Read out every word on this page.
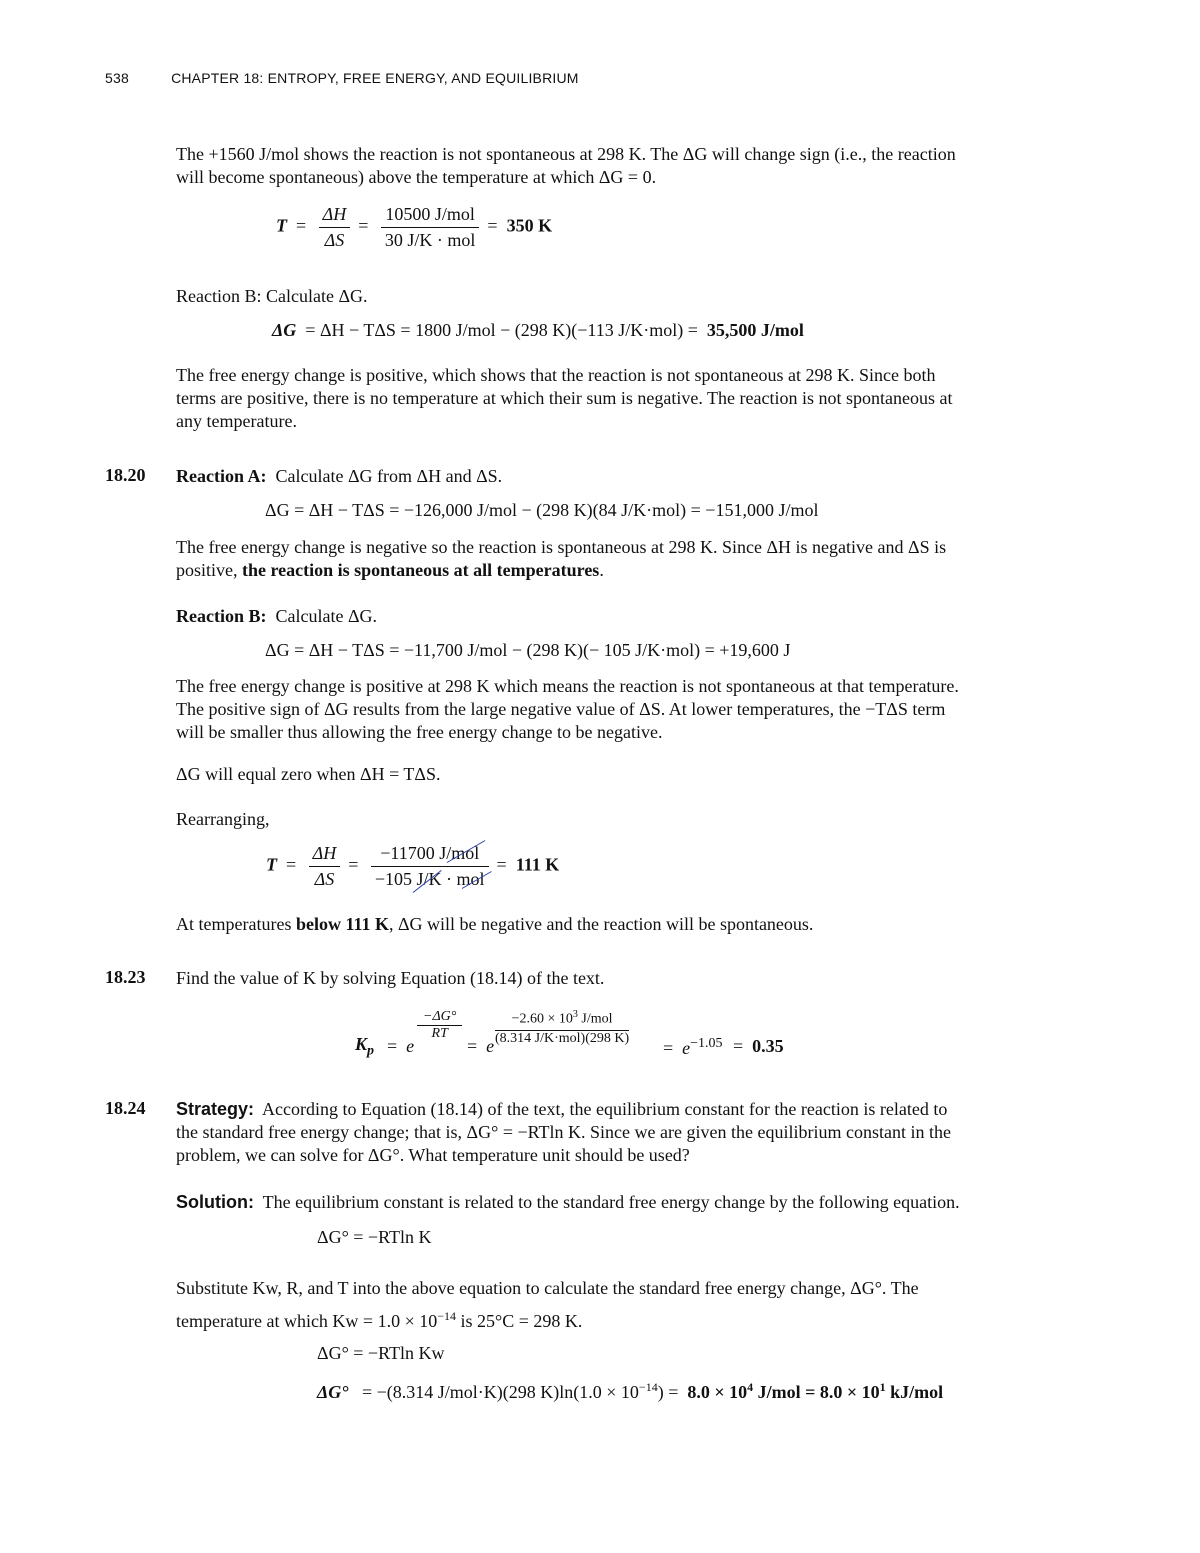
538	CHAPTER 18: ENTROPY, FREE ENERGY, AND EQUILIBRIUM
The +1560 J/mol shows the reaction is not spontaneous at 298 K. The ΔG will change sign (i.e., the reaction
will become spontaneous) above the temperature at which ΔG = 0.
$T = \frac{\Delta H}{\Delta S} = \frac{\text{10500 J/mol}}{\text{30 J/K · mol}} = 350$ K
Reaction B: Calculate ΔG.
ΔG = ΔH − TΔS = 1800 J/mol − (298 K)(−113 J/K·mol) = 35,500 J/mol
The free energy change is positive, which shows that the reaction is not spontaneous at 298 K. Since both
terms are positive, there is no temperature at which their sum is negative. The reaction is not spontaneous at
any temperature.
18.20 Reaction A: Calculate ΔG from ΔH and ΔS.
ΔG = ΔH − TΔS = −126,000 J/mol − (298 K)(84 J/K·mol) = −151,000 J/mol
The free energy change is negative so the reaction is spontaneous at 298 K. Since ΔH is negative and ΔS is
positive, the reaction is spontaneous at all temperatures.
Reaction B: Calculate ΔG.
ΔG = ΔH − TΔS = −11,700 J/mol − (298 K)(− 105 J/K·mol) = +19,600 J
The free energy change is positive at 298 K which means the reaction is not spontaneous at that temperature.
The positive sign of ΔG results from the large negative value of ΔS. At lower temperatures, the −TΔS term
will be smaller thus allowing the free energy change to be negative.
ΔG will equal zero when ΔH = TΔS.
Rearranging,
$T = \frac{\Delta H}{\Delta S} = \frac{\text{−11700 J/mol}}{\text{−105 J/K · mol}} = 111$ K
At temperatures below 111 K, ΔG will be negative and the reaction will be spontaneous.
18.23 Find the value of K by solving Equation (18.14) of the text.
$K_p = e$
$\frac{-\Delta G^\circ}{RT}$
=  e
$-2.60 \times 10^3$ J/mol
(8.314 J/K·mol)(298 $K) = e^{-1.05} = 0.35$
18.24 Strategy: According to Equation (18.14) of the text, the equilibrium constant for the reaction is related to
the standard free energy change; that is, ΔG° = −RTln K. Since we are given the equilibrium constant in the
problem, we can solve for ΔG°. What temperature unit should be used?
Solution: The equilibrium constant is related to the standard free energy change by the following equation.
ΔG° = −RTln K
Substitute Kw, R, and T into the above equation to calculate the standard free energy change, ΔG°. The
temperature at which $Kw = 1.0 \times 10^{-14}$ is 25°C = 298 K.
ΔG° = −RTln Kw
ΔG° = −(8.314 J/mol·K)(298 $K)\ln(1.0 \times 10^{-14}) = 8.0 \times 10^4$ $J/mol = 8.0 \times 10^1$ kJ/mol
